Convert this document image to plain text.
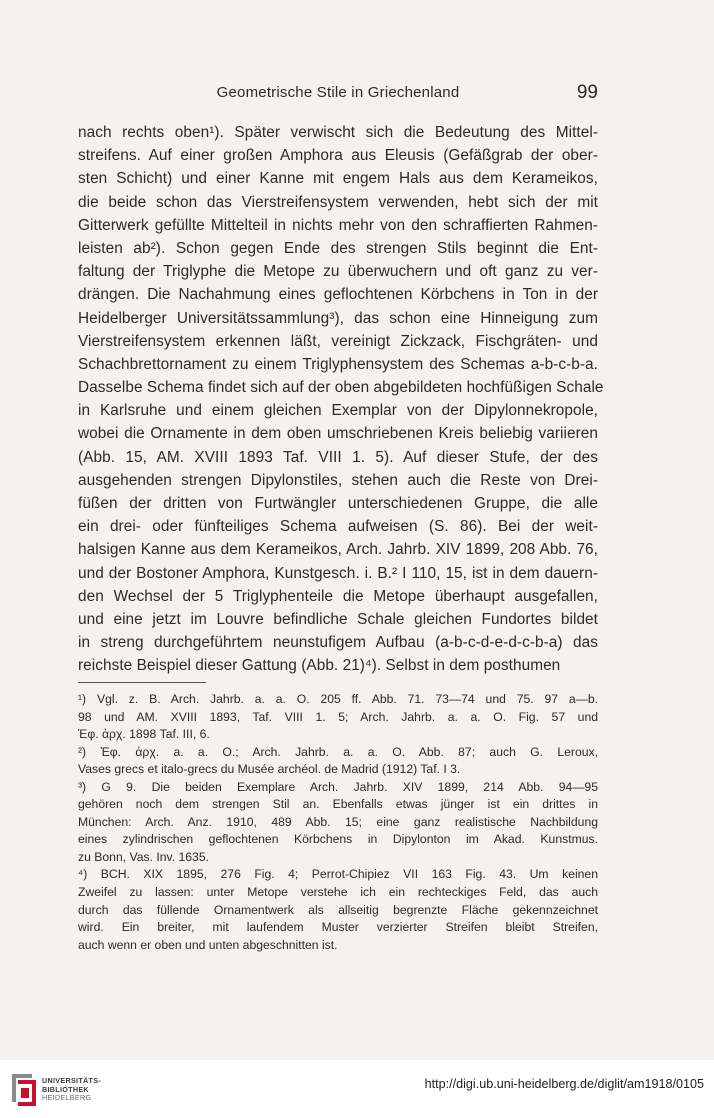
Geometrische Stile in Griechenland	99
nach rechts oben¹). Später verwischt sich die Bedeutung des Mittel-
streifens. Auf einer großen Amphora aus Eleusis (Gefäßgrab der ober-
sten Schicht) und einer Kanne mit engem Hals aus dem Kerameikos,
die beide schon das Vierstreifensystem verwenden, hebt sich der mit
Gitterwerk gefüllte Mittelteil in nichts mehr von den schraffierten Rahmen-
leisten ab²). Schon gegen Ende des strengen Stils beginnt die Ent-
faltung der Triglyphe die Metope zu überwuchern und oft ganz zu ver-
drängen. Die Nachahmung eines geflochtenen Körbchens in Ton in der
Heidelberger Universitätssammlung³), das schon eine Hinneigung zum
Vierstreifensystem erkennen läßt, vereinigt Zickzack, Fischgräten- und
Schachbrettornament zu einem Triglyphensystem des Schemas a-b-c-b-a.
Dasselbe Schema findet sich auf der oben abgebildeten hochfüßigen Schale
in Karlsruhe und einem gleichen Exemplar von der Dipylonnekropole,
wobei die Ornamente in dem oben umschriebenen Kreis beliebig variieren
(Abb. 15, AM. XVIII 1893 Taf. VIII 1. 5). Auf dieser Stufe, der des
ausgehenden strengen Dipylonstiles, stehen auch die Reste von Drei-
füßen der dritten von Furtwängler unterschiedenen Gruppe, die alle
ein drei- oder fünfteiliges Schema aufweisen (S. 86). Bei der weit-
halsigen Kanne aus dem Kerameikos, Arch. Jahrb. XIV 1899, 208 Abb. 76,
und der Bostoner Amphora, Kunstgesch. i. B.² I 110, 15, ist in dem dauern-
den Wechsel der 5 Triglyphenteile die Metope überhaupt ausgefallen,
und eine jetzt im Louvre befindliche Schale gleichen Fundortes bildet
in streng durchgeführtem neunstufigem Aufbau (a-b-c-d-e-d-c-b-a) das
reichste Beispiel dieser Gattung (Abb. 21)⁴). Selbst in dem posthumen
¹) Vgl. z. B. Arch. Jahrb. a. a. O. 205 ff. Abb. 71. 73—74 und 75. 97 a—b.
98 und AM. XVIII 1893, Taf. VIII 1. 5; Arch. Jahrb. a. a. O. Fig. 57 und
Ἐφ. ἀρχ. 1898 Taf. III, 6.
²) Ἐφ. ἀρχ. a. a. O.; Arch. Jahrb. a. a. O. Abb. 87; auch G. Leroux,
Vases grecs et italo-grecs du Musée archéol. de Madrid (1912) Taf. I 3.
³) G 9. Die beiden Exemplare Arch. Jahrb. XIV 1899, 214 Abb. 94—95
gehören noch dem strengen Stil an. Ebenfalls etwas jünger ist ein drittes in
München: Arch. Anz. 1910, 489 Abb. 15; eine ganz realistische Nachbildung
eines zylindrischen geflochtenen Körbchens in Dipylonton im Akad. Kunstmus.
zu Bonn, Vas. Inv. 1635.
⁴) BCH. XIX 1895, 276 Fig. 4; Perrot-Chipiez VII 163 Fig. 43. Um keinen
Zweifel zu lassen: unter Metope verstehe ich ein rechteckiges Feld, das auch
durch das füllende Ornamentwerk als allseitig begrenzte Fläche gekennzeichnet
wird. Ein breiter, mit laufendem Muster verzierter Streifen bleibt Streifen,
auch wenn er oben und unten abgeschnitten ist.
UNIVERSITÄTS-
BIBLIOTHEK
HEIDELBERG
http://digi.ub.uni-heidelberg.de/diglit/am1918/0105
